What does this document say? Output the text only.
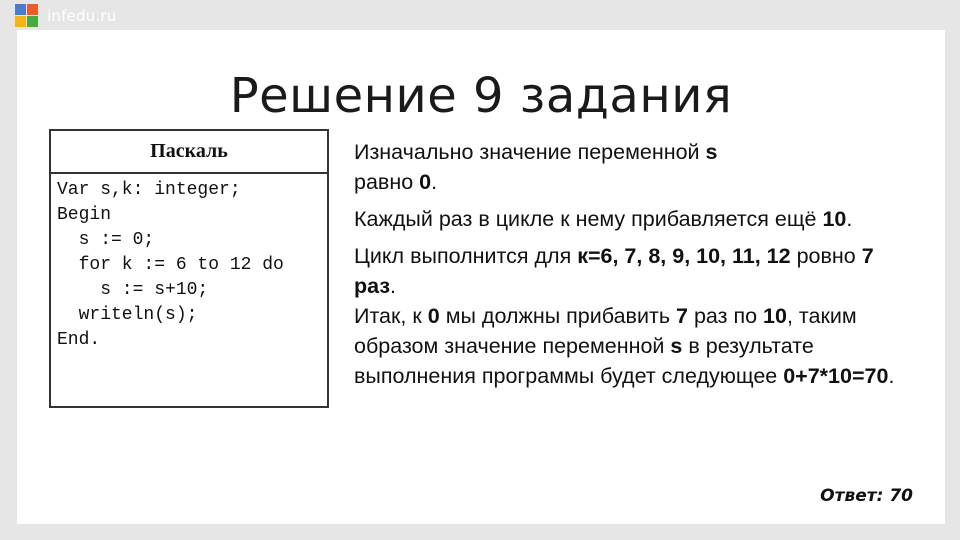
infedu.ru
Решение 9 задания
Паскаль
Var s,k: integer;
Begin
s := 0;
for k := 6 to 12 do
s := s+10;
writeln(s);
End.
Изначально значение переменной s
равно 0.
Каждый раз в цикле к нему прибавляется ещё 10.
Цикл выполнится для к=6, 7, 8, 9, 10, 11, 12 ровно 7 раз.
Итак, к 0 мы должны прибавить 7 раз по 10, таким образом значение переменной s в результате выполнения программы будет следующее 0+7*10=70.
Ответ: 70
